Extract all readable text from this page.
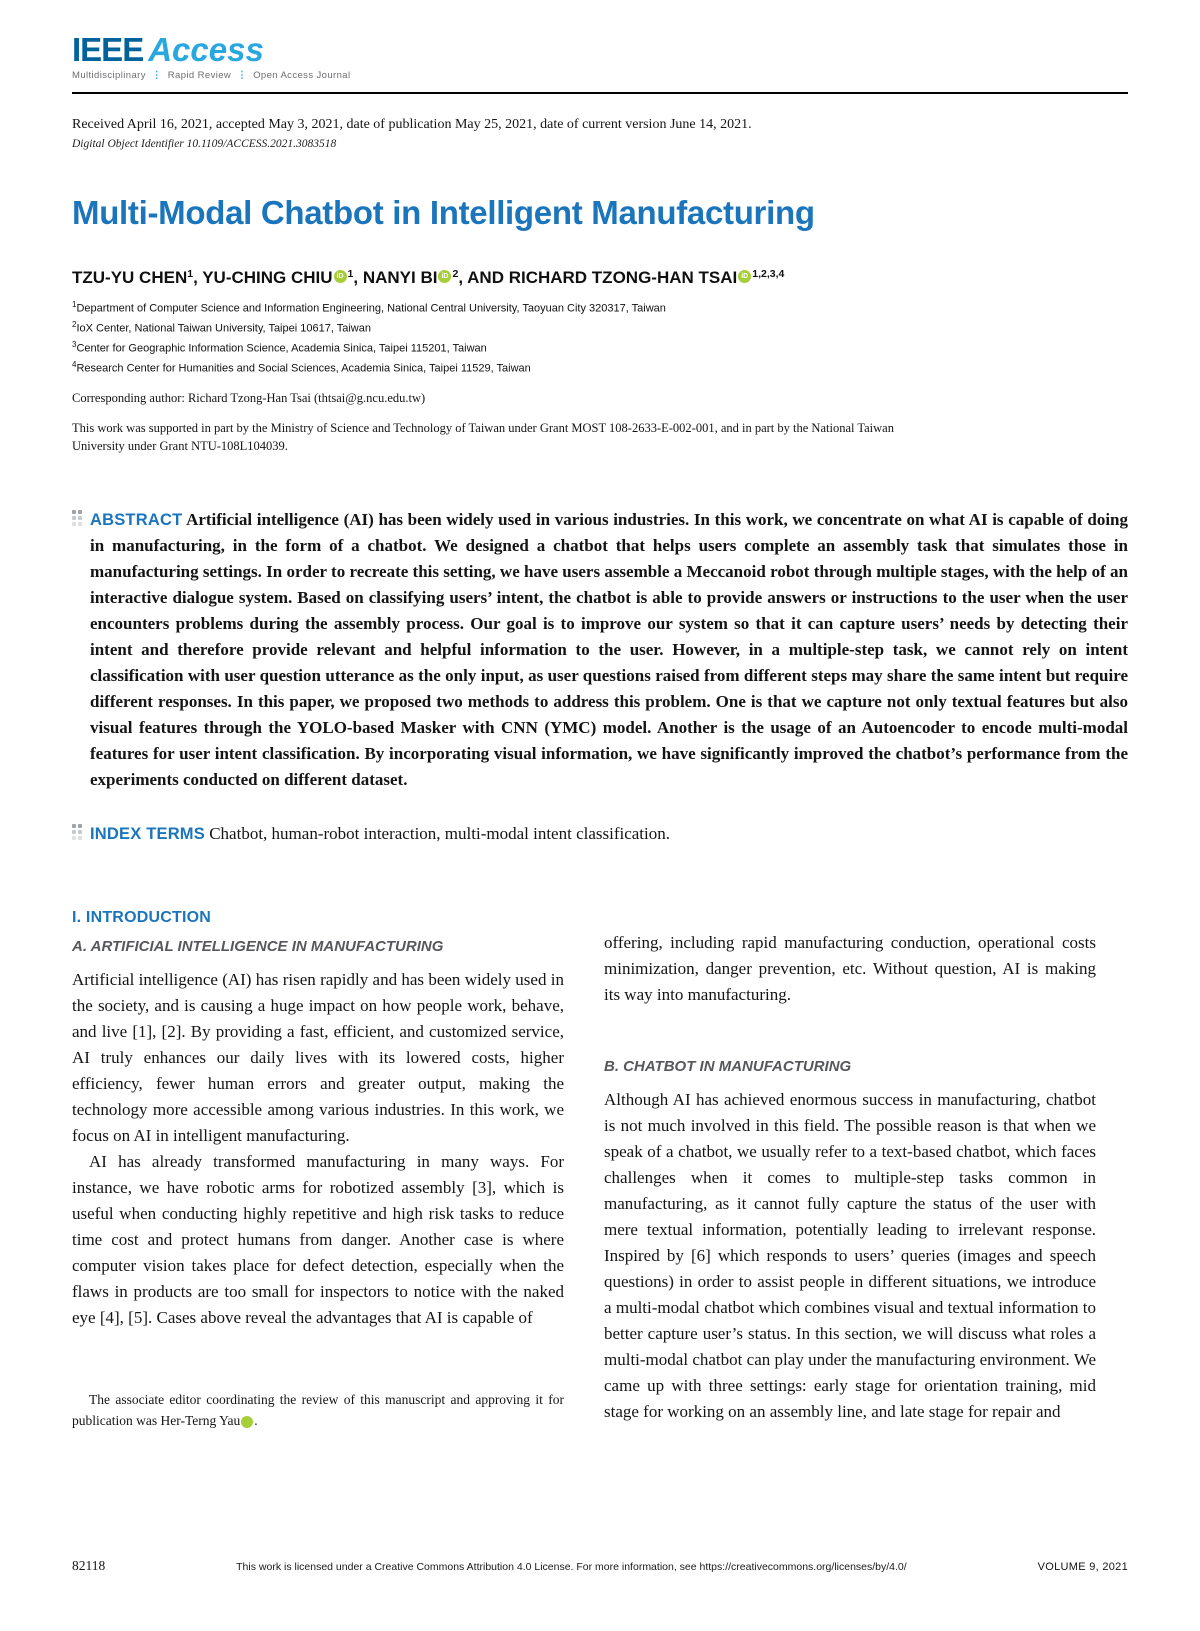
IEEE Access
Multidisciplinary ⋮ Rapid Review ⋮ Open Access Journal
Received April 16, 2021, accepted May 3, 2021, date of publication May 25, 2021, date of current version June 14, 2021.
Digital Object Identifier 10.1109/ACCESS.2021.3083518
Multi-Modal Chatbot in Intelligent Manufacturing
TZU-YU CHEN$^1$, YU-CHING CHIU iD $^1$, NANYI BI iD $^2$, AND RICHARD TZONG-HAN TSAI iD $^{1,2,3,4}$
$^1$Department of Computer Science and Information Engineering, National Central University, Taoyuan City 320317, Taiwan
$^2$IoX Center, National Taiwan University, Taipei 10617, Taiwan
$^3$Center for Geographic Information Science, Academia Sinica, Taipei 115201, Taiwan
$^4$Research Center for Humanities and Social Sciences, Academia Sinica, Taipei 11529, Taiwan
Corresponding author: Richard Tzong-Han Tsai (thtsai@g.ncu.edu.tw)
This work was supported in part by the Ministry of Science and Technology of Taiwan under Grant MOST 108-2633-E-002-001, and in part by the National Taiwan University under Grant NTU-108L104039.
ABSTRACT Artificial intelligence (AI) has been widely used in various industries. In this work, we concentrate on what AI is capable of doing in manufacturing, in the form of a chatbot. We designed a chatbot that helps users complete an assembly task that simulates those in manufacturing settings. In order to recreate this setting, we have users assemble a Meccanoid robot through multiple stages, with the help of an interactive dialogue system. Based on classifying users’ intent, the chatbot is able to provide answers or instructions to the user when the user encounters problems during the assembly process. Our goal is to improve our system so that it can capture users’ needs by detecting their intent and therefore provide relevant and helpful information to the user. However, in a multiple-step task, we cannot rely on intent classification with user question utterance as the only input, as user questions raised from different steps may share the same intent but require different responses. In this paper, we proposed two methods to address this problem. One is that we capture not only textual features but also visual features through the YOLO-based Masker with CNN (YMC) model. Another is the usage of an Autoencoder to encode multi-modal features for user intent classification. By incorporating visual information, we have significantly improved the chatbot’s performance from the experiments conducted on different dataset.
INDEX TERMS Chatbot, human-robot interaction, multi-modal intent classification.
I. INTRODUCTION
A. ARTIFICIAL INTELLIGENCE IN MANUFACTURING

Artificial intelligence (AI) has risen rapidly and has been widely used in the society, and is causing a huge impact on how people work, behave, and live [1], [2]. By providing a fast, efficient, and customized service, AI truly enhances our daily lives with its lowered costs, higher efficiency, fewer human errors and greater output, making the technology more accessible among various industries. In this work, we focus on AI in intelligent manufacturing.

AI has already transformed manufacturing in many ways. For instance, we have robotic arms for robotized assembly [3], which is useful when conducting highly repetitive and high risk tasks to reduce time cost and protect humans from danger. Another case is where computer vision takes place for defect detection, especially when the flaws in products are too small for inspectors to notice with the naked eye [4], [5]. Cases above reveal the advantages that AI is capable of

The associate editor coordinating the review of this manuscript and approving it for publication was Her-Terng Yau	iD.

offering, including rapid manufacturing conduction, operational costs minimization, danger prevention, etc. Without question, AI is making its way into manufacturing.

B. CHATBOT IN MANUFACTURING

Although AI has achieved enormous success in manufacturing, chatbot is not much involved in this field. The possible reason is that when we speak of a chatbot, we usually refer to a text-based chatbot, which faces challenges when it comes to multiple-step tasks common in manufacturing, as it cannot fully capture the status of the user with mere textual information, potentially leading to irrelevant response. Inspired by [6] which responds to users’ queries (images and speech questions) in order to assist people in different situations, we introduce a multi-modal chatbot which combines visual and textual information to better capture user’s status. In this section, we will discuss what roles a multi-modal chatbot can play under the manufacturing environment. We came up with three settings: early stage for orientation training, mid stage for working on an assembly line, and late stage for repair and

82118	This work is licensed under a Creative Commons Attribution 4.0 License. For more information, see https://creativecommons.org/licenses/by/4.0/	VOLUME 9, 2021
